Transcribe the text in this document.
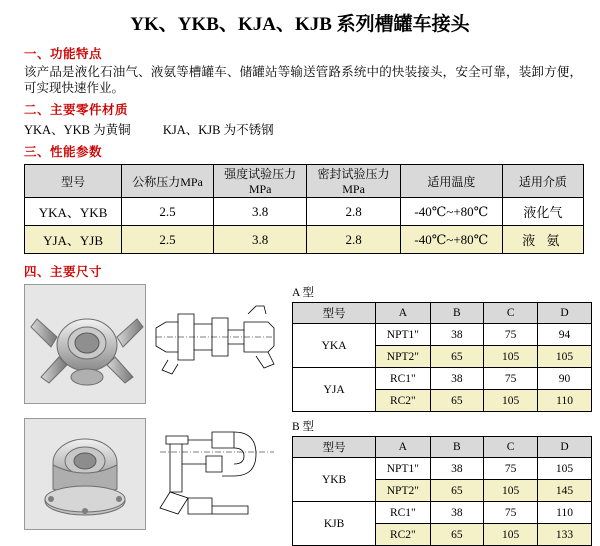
YK、YKB、KJA、KJB 系列槽罐车接头
一、功能特点
该产品是液化石油气、液氨等槽罐车、储罐站等输送管路系统中的快装接头，安全可靠，装卸方便，可实现快速作业。
二、主要零件材质
YKA、YKB 为黄铜	KJA、KJB 为不锈钢
三、性能参数
型号	公称压力MPa	强度试验压力MPa	密封试验压力MPa	适用温度	适用介质
YKA、YKB	2.5	3.8	2.8	-40℃~+80℃	液化气
YJA、YJB	2.5	3.8	2.8	-40℃~+80℃	液 氨
四、主要尺寸
A 型
型号	A	B	C	D
YKA	NPT1"	38	75	94
	NPT2"	65	105	105
YJA	RC1"	38	75	90
	RC2"	65	105	110
B 型
型号	A	B	C	D
YKB	NPT1"	38	75	105
	NPT2"	65	105	145
KJB	RC1"	38	75	110
	RC2"	65	105	133
